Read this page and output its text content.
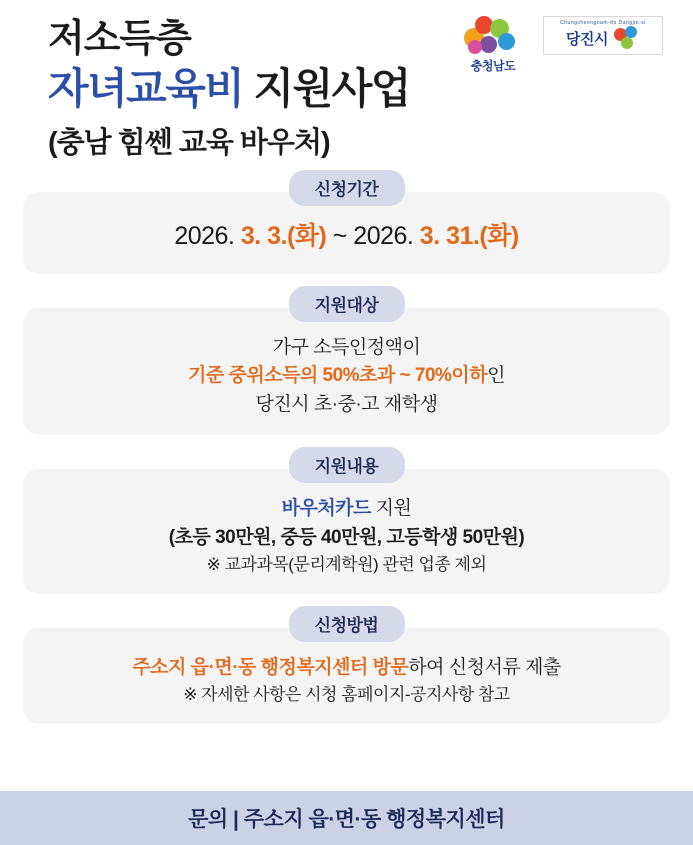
저소득층
자녀교육비 지원사업
(충남 힘쎈 교육 바우처)
충청남도
Chungcheongnam-do Dangjin-si
당진시
신청기간
2026. 3. 3.(화) ~ 2026. 3. 31.(화)
지원대상
가구 소득인정액이
기준 중위소득의 50%초과 ~ 70%이하인
당진시 초·중·고 재학생
지원내용
바우처카드 지원
(초등 30만원, 중등 40만원, 고등학생 50만원)
※ 교과과목(문리계학원) 관련 업종 제외
신청방법
주소지 읍·면·동 행정복지센터 방문하여 신청서류 제출
※ 자세한 사항은 시청 홈페이지-공지사항 참고
문의 | 주소지 읍·면·동 행정복지센터
